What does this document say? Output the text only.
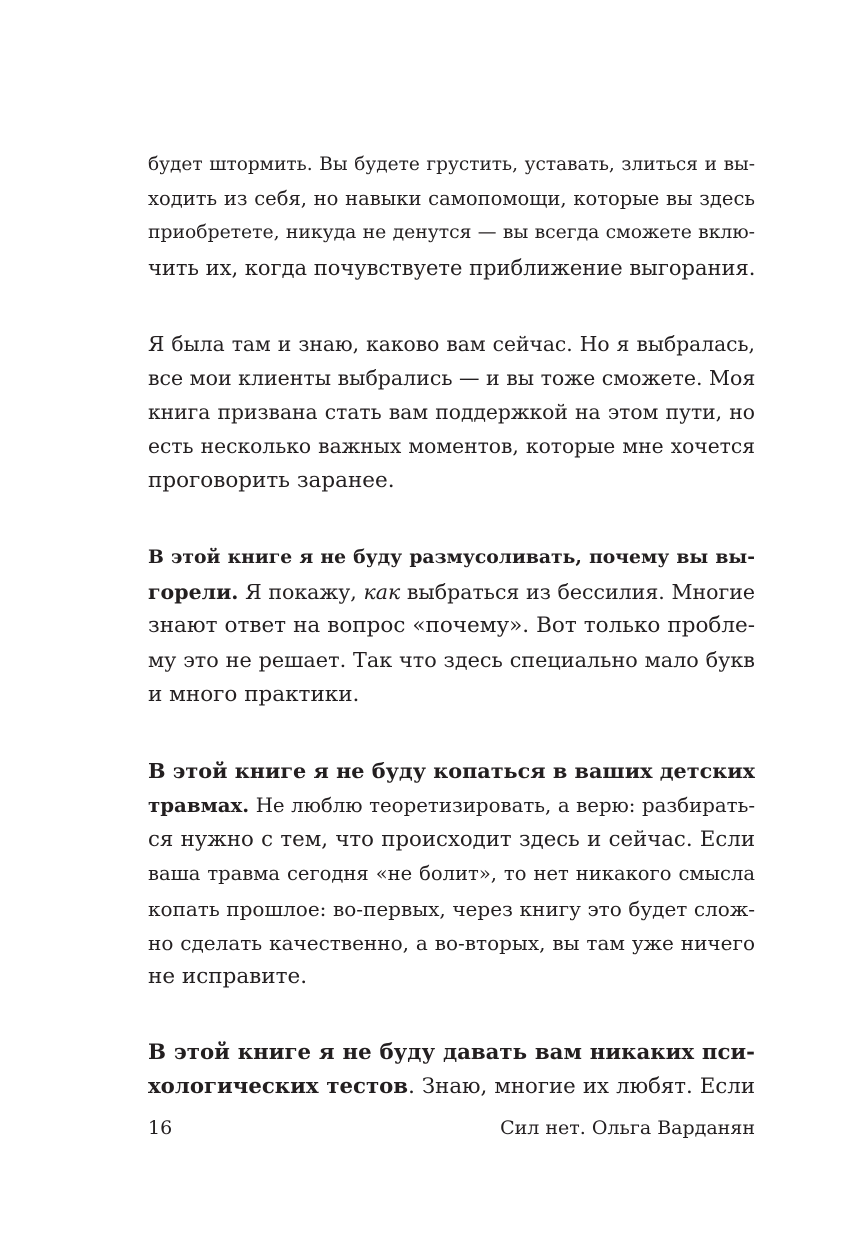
будет штормить. Вы будете грустить, уставать, злиться и вы-
ходить из себя, но навыки самопомощи, которые вы здесь
приобретете, никуда не денутся — вы всегда сможете вклю-
чить их, когда почувствуете приближение выгорания.

Я была там и знаю, каково вам сейчас. Но я выбралась,
все мои клиенты выбрались — и вы тоже сможете. Моя
книга призвана стать вам поддержкой на этом пути, но
есть несколько важных моментов, которые мне хочется
проговорить заранее.

В этой книге я не буду размусоливать, почему вы вы-
горели. Я покажу, как выбраться из бессилия. Многие
знают ответ на вопрос «почему». Вот только пробле-
му это не решает. Так что здесь специально мало букв
и много практики.

В этой книге я не буду копаться в ваших детских
травмах. Не люблю теоретизировать, а верю: разбирать-
ся нужно с тем, что происходит здесь и сейчас. Если
ваша травма сегодня «не болит», то нет никакого смысла
копать прошлое: во-первых, через книгу это будет слож-
но сделать качественно, а во-вторых, вы там уже ничего
не исправите.

В этой книге я не буду давать вам никаких пси-
хологических тестов. Знаю, многие их любят. Если

16	Сил нет. Ольга Варданян
